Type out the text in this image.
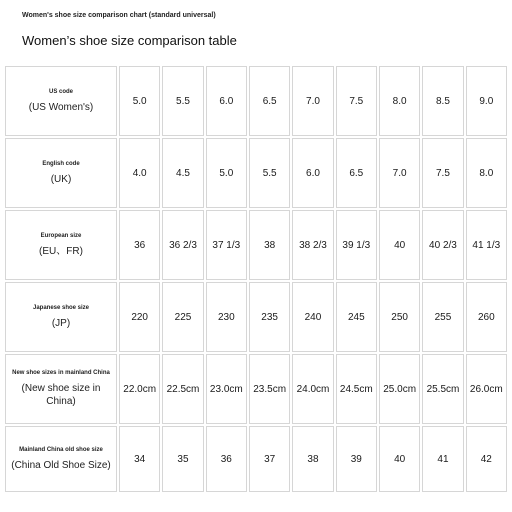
Women's shoe size comparison chart (standard universal)
Women’s shoe size comparison table
US code
(US Women's)	5.0	5.5	6.0	6.5	7.0	7.5	8.0	8.5	9.0

English code
(UK)	4.0	4.5	5.0	5.5	6.0	6.5	7.0	7.5	8.0

European size
(EU、FR)	36	36 2/3	37 1/3	38	38 2/3	39 1/3	40	40 2/3	41 1/3

Japanese shoe size
(JP)	220	225	230	235	240	245	250	255	260

New shoe sizes in mainland China
(New shoe size in China)	22.0cm	22.5cm	23.0cm	23.5cm	24.0cm	24.5cm	25.0cm	25.5cm	26.0cm

Mainland China old shoe size
(China Old Shoe Size)	34	35	36	37	38	39	40	41	42
